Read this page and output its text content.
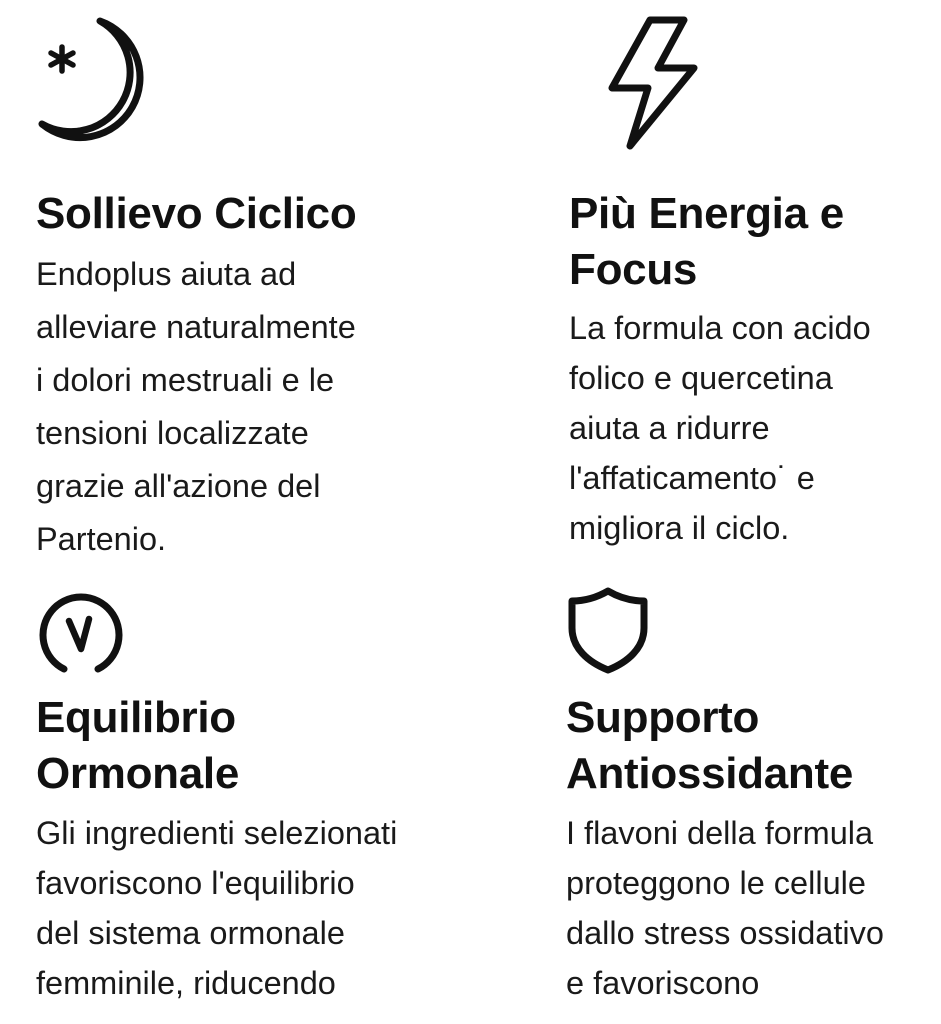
Sollievo Ciclico

Endoplus aiuta ad
alleviare naturalmente
i dolori mestruali e le
tensioni localizzate
grazie all'azione del
Partenio.

Più Energia e
Focus

La formula con acido
folico e quercetina
aiuta a ridurre
l'affaticamento˙ e
migliora il ciclo.

Equilibrio
Ormonale

Gli ingredienti selezionati
favoriscono l'equilibrio
del sistema ormonale
femminile, riducendo

Supporto
Antiossidante

I flavoni della formula
proteggono le cellule
dallo stress ossidativo
e favoriscono
